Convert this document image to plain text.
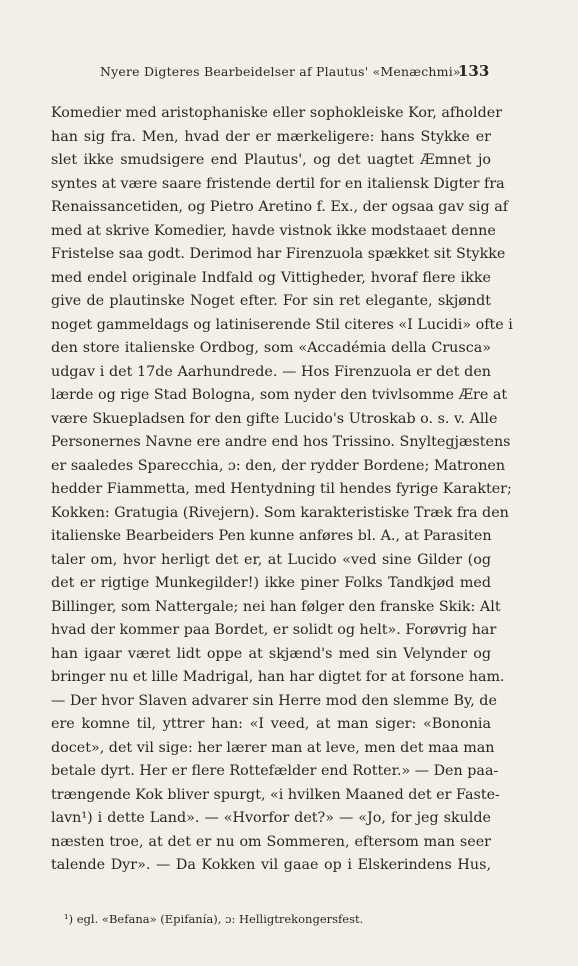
Nyere Digteres Bearbeidelser af Plautus' «Menæchmi».
133
Komedier med aristophaniske eller sophokleiske Kor, afholder
han sig fra. Men, hvad der er mærkeligere: hans Stykke er
slet ikke smudsigere end Plautus', og det uagtet Æmnet jo
syntes at være saare fristende dertil for en italiensk Digter fra
Renaissancetiden, og Pietro Aretino f. Ex., der ogsaa gav sig af
med at skrive Komedier, havde vistnok ikke modstaaet denne
Fristelse saa godt. Derimod har Firenzuola spækket sit Stykke
med endel originale Indfald og Vittigheder, hvoraf flere ikke
give de plautinske Noget efter. For sin ret elegante, skjøndt
noget gammeldags og latiniserende Stil citeres «I Lucidi» ofte i
den store italienske Ordbog, som «Accadémia della Crusca»
udgav i det 17de Aarhundrede. — Hos Firenzuola er det den
lærde og rige Stad Bologna, som nyder den tvivlsomme Ære at
være Skuepladsen for den gifte Lucido's Utroskab o. s. v. Alle
Personernes Navne ere andre end hos Trissino. Snyltegjæstens
er saaledes Sparecchia, ɔ: den, der rydder Bordene; Matronen
hedder Fiammetta, med Hentydning til hendes fyrige Karakter;
Kokken: Gratugia (Rivejern). Som karakteristiske Træk fra den
italienske Bearbeiders Pen kunne anføres bl. A., at Parasiten
taler om, hvor herligt det er, at Lucido «ved sine Gilder (og
det er rigtige Munkegilder!) ikke piner Folks Tandkjød med
Billinger, som Nattergale; nei han følger den franske Skik: Alt
hvad der kommer paa Bordet, er solidt og helt». Forøvrig har
han igaar været lidt oppe at skjænd's med sin Velynder og
bringer nu et lille Madrigal, han har digtet for at forsone ham.
— Der hvor Slaven advarer sin Herre mod den slemme By, de
ere komne til, yttrer han: «I veed, at man siger: «Bononia
docet», det vil sige: her lærer man at leve, men det maa man
betale dyrt. Her er flere Rottefælder end Rotter.» — Den paa-
trængende Kok bliver spurgt, «i hvilken Maaned det er Faste-
lavn¹) i dette Land». — «Hvorfor det?» — «Jo, for jeg skulde
næsten troe, at det er nu om Sommeren, eftersom man seer
talende Dyr». — Da Kokken vil gaae op i Elskerindens Hus,
¹) egl. «Befana» (Epifanía), ɔ: Helligtrekongersfest.
